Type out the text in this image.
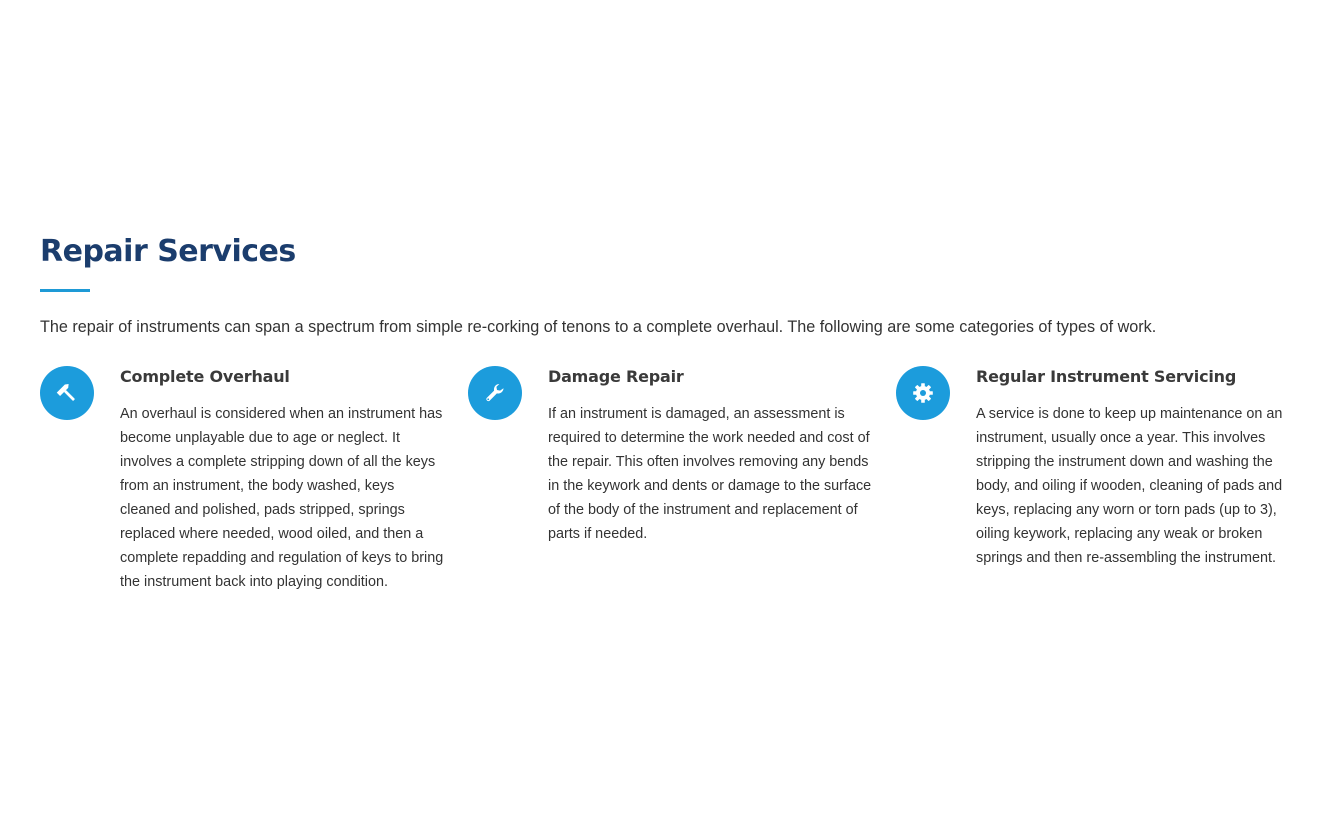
Repair Services

The repair of instruments can span a spectrum from simple re-corking of tenons to a complete overhaul. The following are some categories of types of work.

Complete Overhaul

An overhaul is considered when an instrument has become unplayable due to age or neglect. It involves a complete stripping down of all the keys from an instrument, the body washed, keys cleaned and polished, pads stripped, springs replaced where needed, wood oiled, and then a complete repadding and regulation of keys to bring the instrument back into playing condition.

Damage Repair

If an instrument is damaged, an assessment is required to determine the work needed and cost of the repair. This often involves removing any bends in the keywork and dents or damage to the surface of the body of the instrument and replacement of parts if needed.

Regular Instrument Servicing

A service is done to keep up maintenance on an instrument, usually once a year. This involves stripping the instrument down and washing the body, and oiling if wooden, cleaning of pads and keys, replacing any worn or torn pads (up to 3), oiling keywork, replacing any weak or broken springs and then re-assembling the instrument.
